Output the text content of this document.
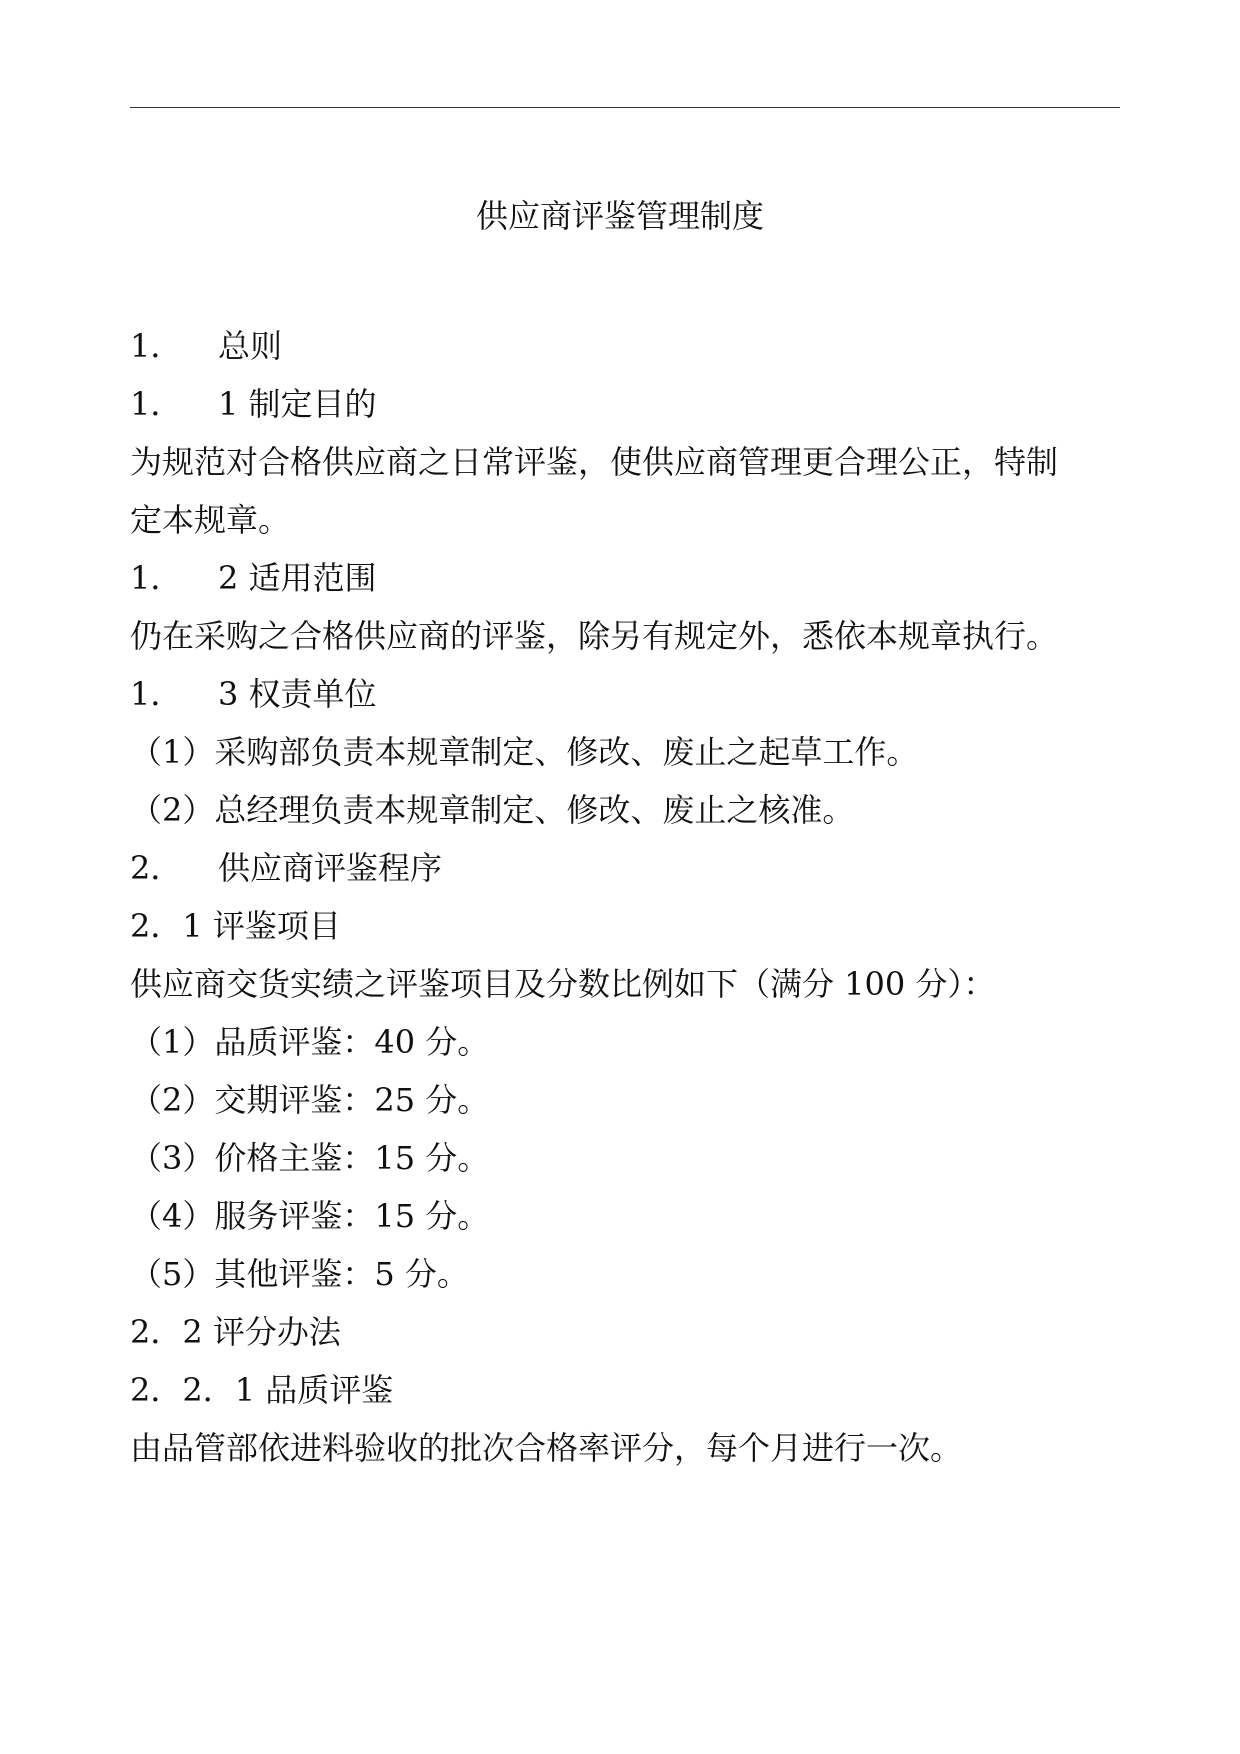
供应商评鉴管理制度
1． 总则
1． 1 制定目的
为规范对合格供应商之日常评鉴，使供应商管理更合理公正，特制
定本规章。
1． 2 适用范围
仍在采购之合格供应商的评鉴，除另有规定外，悉依本规章执行。
1． 3 权责单位
（1）采购部负责本规章制定、修改、废止之起草工作。
（2）总经理负责本规章制定、修改、废止之核准。
2． 供应商评鉴程序
2．1 评鉴项目
供应商交货实绩之评鉴项目及分数比例如下（满分 100 分）：
（1）品质评鉴：40 分。
（2）交期评鉴：25 分。
（3）价格主鉴：15 分。
（4）服务评鉴：15 分。
（5）其他评鉴：5 分。
2．2 评分办法
2．2．1 品质评鉴
由品管部依进料验收的批次合格率评分，每个月进行一次。
